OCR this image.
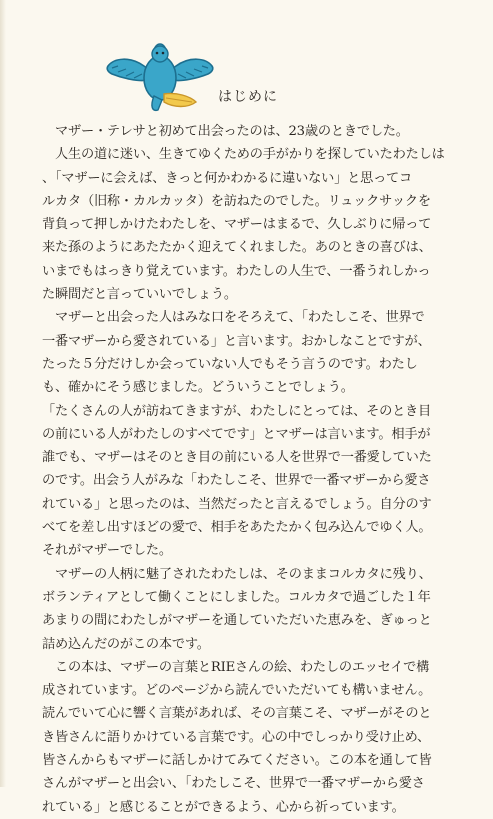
はじめに
　マザー・テレサと初めて出会ったのは、23歳のときでした。
　人生の道に迷い、生きてゆくための手がかりを探していたわたしは
、「マザーに会えば、きっと何かわかるに違いない」と思ってコ
ルカタ（旧称・カルカッタ）を訪ねたのでした。リュックサックを
背負って押しかけたわたしを、マザーはまるで、久しぶりに帰って
来た孫のようにあたたかく迎えてくれました。あのときの喜びは、
いまでもはっきり覚えています。わたしの人生で、一番うれしかっ
た瞬間だと言っていいでしょう。
　マザーと出会った人はみな口をそろえて、「わたしこそ、世界で
一番マザーから愛されている」と言います。おかしなことですが、
たった５分だけしか会っていない人でもそう言うのです。わたし
も、確かにそう感じました。どういうことでしょう。
「たくさんの人が訪ねてきますが、わたしにとっては、そのとき目
の前にいる人がわたしのすべてです」とマザーは言います。相手が
誰でも、マザーはそのとき目の前にいる人を世界で一番愛していた
のです。出会う人がみな「わたしこそ、世界で一番マザーから愛さ
れている」と思ったのは、当然だったと言えるでしょう。自分のす
べてを差し出すほどの愛で、相手をあたたかく包み込んでゆく人。
それがマザーでした。
　マザーの人柄に魅了されたわたしは、そのままコルカタに残り、
ボランティアとして働くことにしました。コルカタで過ごした１年
あまりの間にわたしがマザーを通していただいた恵みを、ぎゅっと
詰め込んだのがこの本です。
　この本は、マザーの言葉とRIEさんの絵、わたしのエッセイで構
成されています。どのページから読んでいただいても構いません。
読んでいて心に響く言葉があれば、その言葉こそ、マザーがそのと
き皆さんに語りかけている言葉です。心の中でしっかり受け止め、
皆さんからもマザーに話しかけてみてください。この本を通して皆
さんがマザーと出会い、「わたしこそ、世界で一番マザーから愛さ
れている」と感じることができるよう、心から祈っています。
